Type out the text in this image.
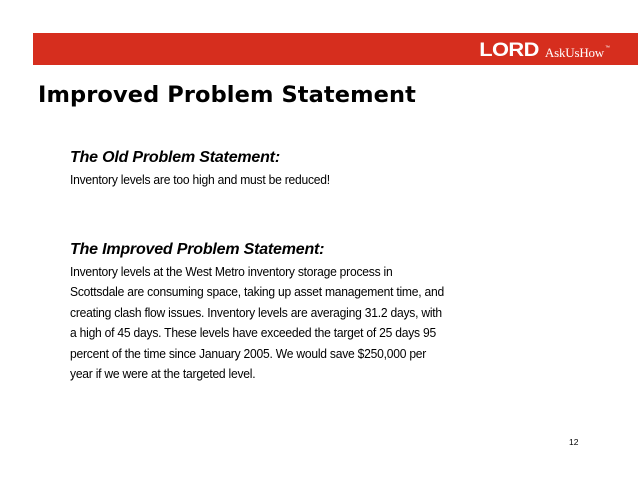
LORD AskUsHow ™
Improved Problem Statement
The Old Problem Statement:
Inventory levels are too high and must be reduced!
The Improved Problem Statement:
Inventory levels at the West Metro inventory storage process in
Scottsdale are consuming space, taking up asset management time, and
creating clash flow issues. Inventory levels are averaging 31.2 days, with
a high of 45 days. These levels have exceeded the target of 25 days 95
percent of the time since January 2005. We would save $250,000 per
year if we were at the targeted level.
12
